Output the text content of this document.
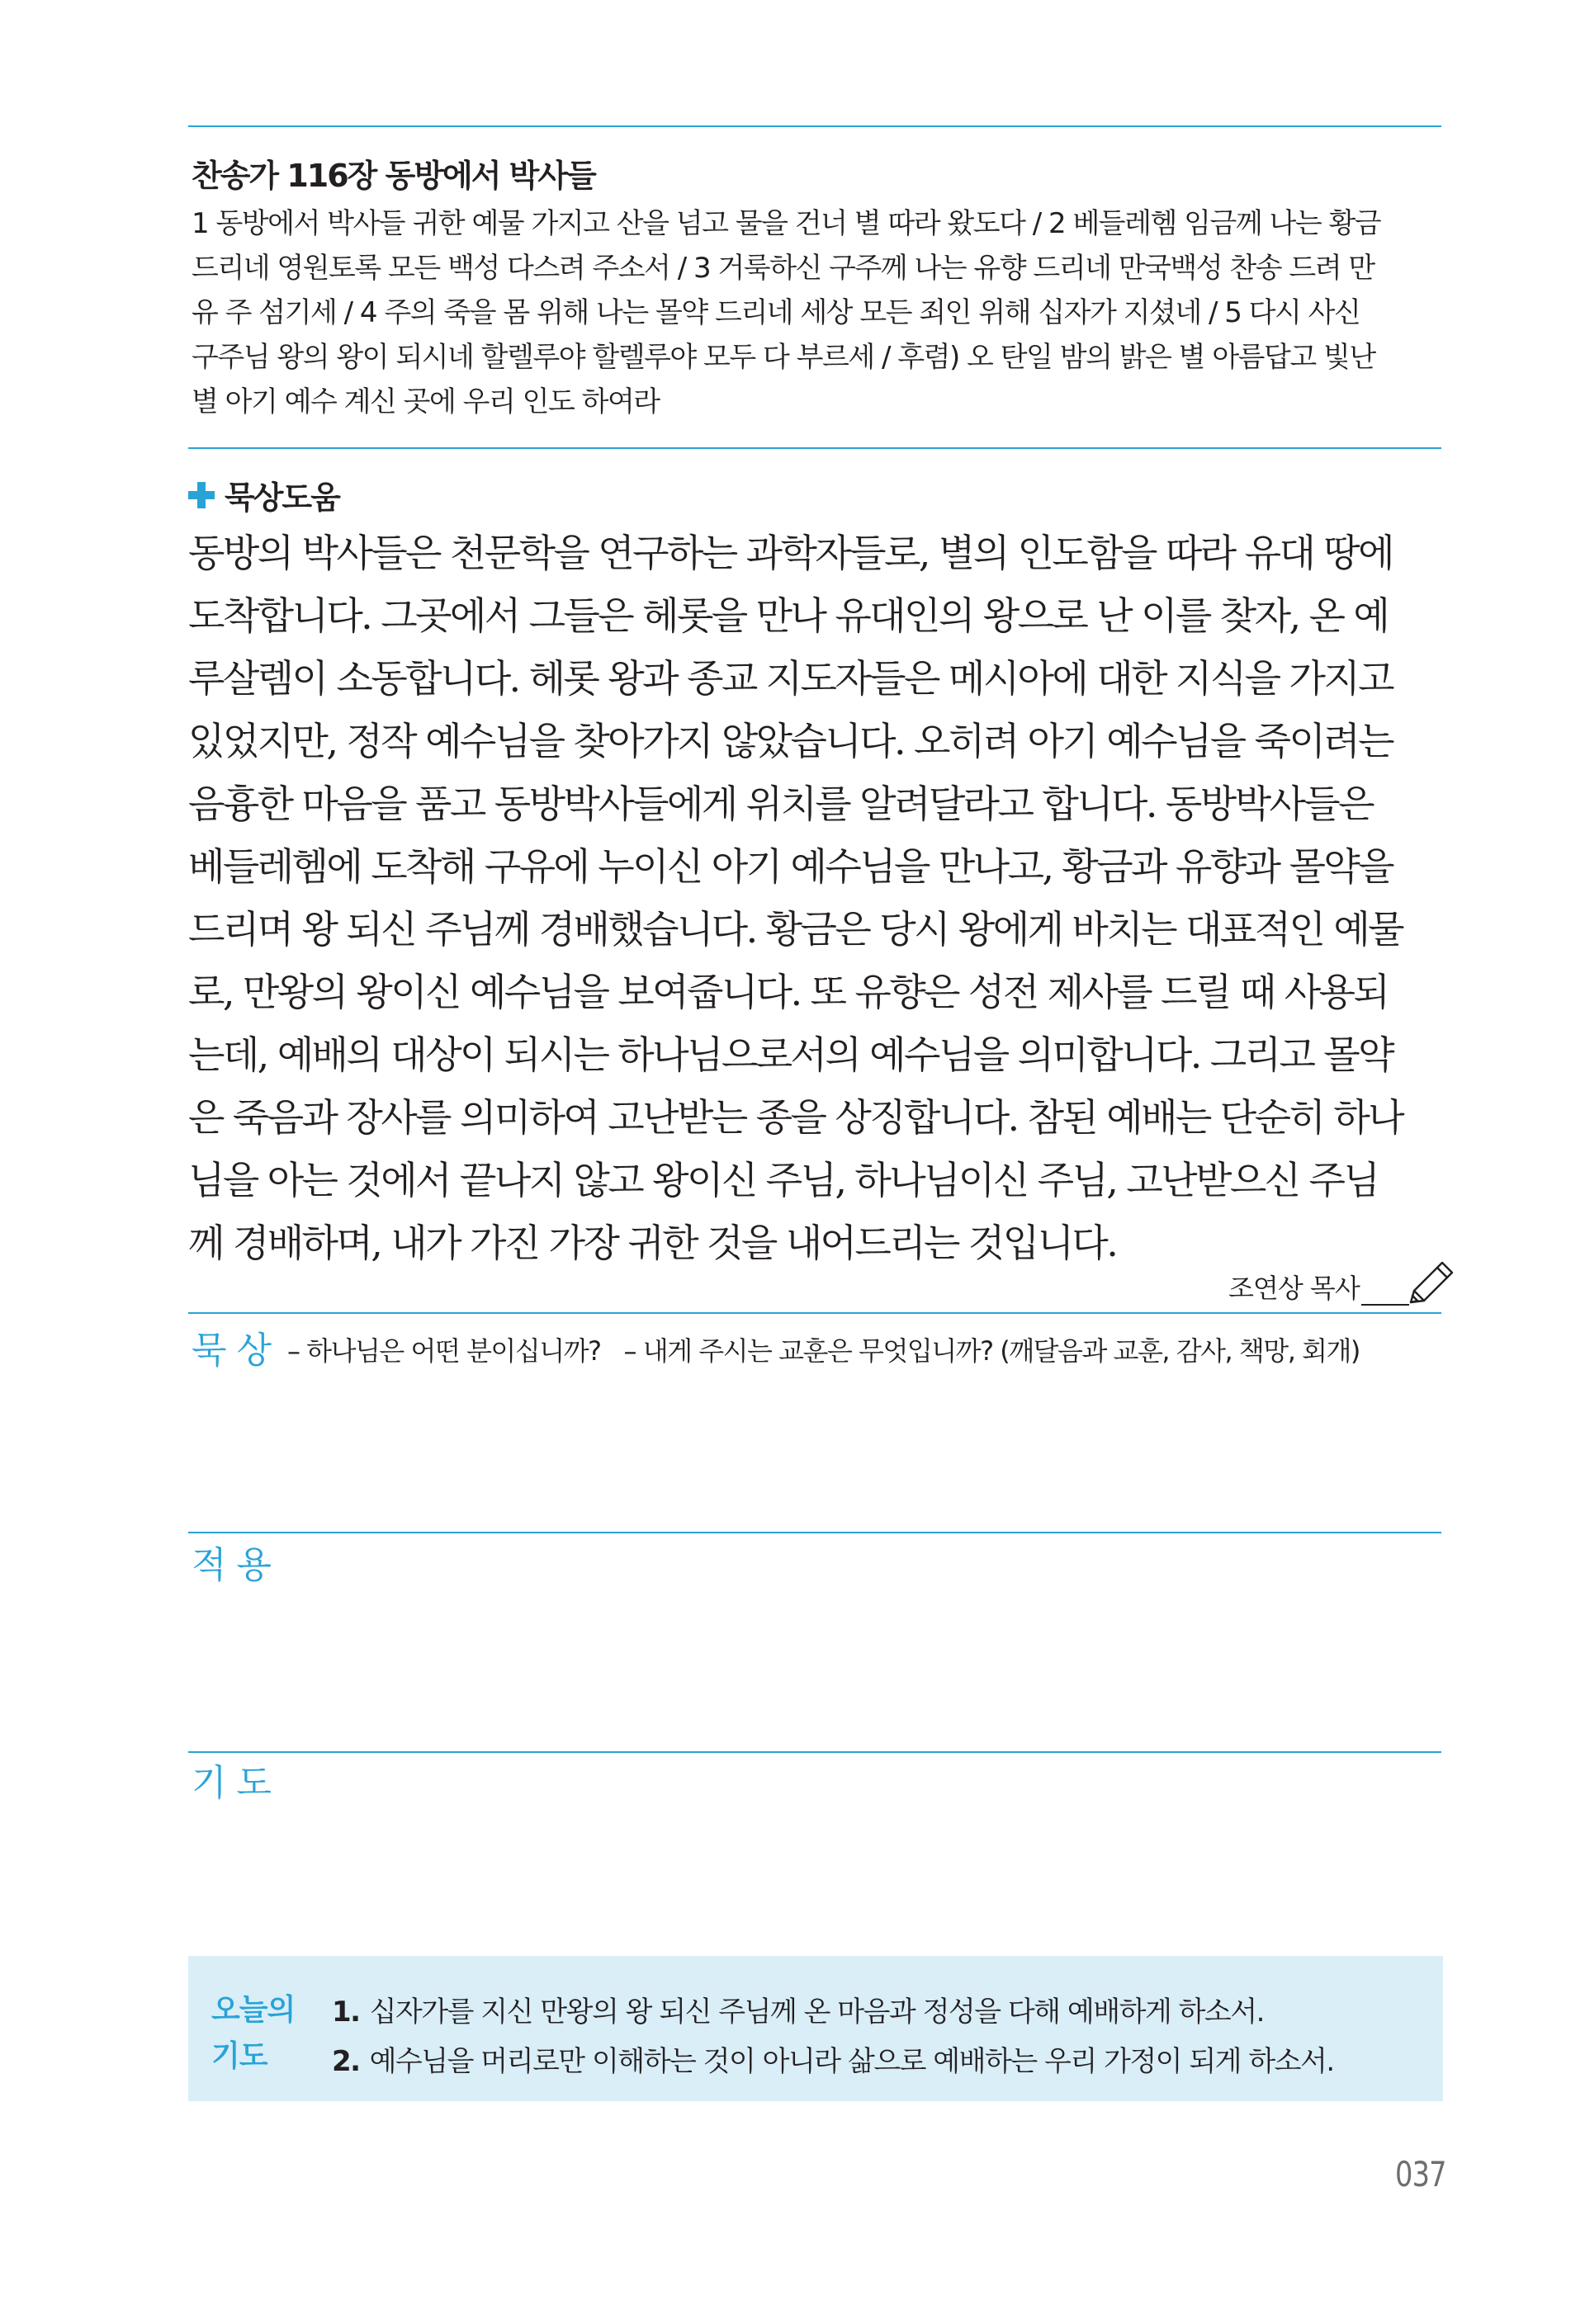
찬송가 116장 동방에서 박사들
1 동방에서 박사들 귀한 예물 가지고 산을 넘고 물을 건너 별 따라 왔도다 / 2 베들레헴 임금께 나는 황금
드리네 영원토록 모든 백성 다스려 주소서 / 3 거룩하신 구주께 나는 유향 드리네 만국백성 찬송 드려 만
유 주 섬기세 / 4 주의 죽을 몸 위해 나는 몰약 드리네 세상 모든 죄인 위해 십자가 지셨네 / 5 다시 사신
구주님 왕의 왕이 되시네 할렐루야 할렐루야 모두 다 부르세 / 후렴) 오 탄일 밤의 밝은 별 아름답고 빛난
별 아기 예수 계신 곳에 우리 인도 하여라
묵상도움
동방의 박사들은 천문학을 연구하는 과학자들로, 별의 인도함을 따라 유대 땅에
도착합니다. 그곳에서 그들은 헤롯을 만나 유대인의 왕으로 난 이를 찾자, 온 예
루살렘이 소동합니다. 헤롯 왕과 종교 지도자들은 메시아에 대한 지식을 가지고
있었지만, 정작 예수님을 찾아가지 않았습니다. 오히려 아기 예수님을 죽이려는
음흉한 마음을 품고 동방박사들에게 위치를 알려달라고 합니다. 동방박사들은
베들레헴에 도착해 구유에 누이신 아기 예수님을 만나고, 황금과 유향과 몰약을
드리며 왕 되신 주님께 경배했습니다. 황금은 당시 왕에게 바치는 대표적인 예물
로, 만왕의 왕이신 예수님을 보여줍니다. 또 유향은 성전 제사를 드릴 때 사용되
는데, 예배의 대상이 되시는 하나님으로서의 예수님을 의미합니다. 그리고 몰약
은 죽음과 장사를 의미하여 고난받는 종을 상징합니다. 참된 예배는 단순히 하나
님을 아는 것에서 끝나지 않고 왕이신 주님, 하나님이신 주님, 고난받으신 주님
께 경배하며, 내가 가진 가장 귀한 것을 내어드리는 것입니다.
조연상 목사
묵상 – 하나님은 어떤 분이십니까? – 내게 주시는 교훈은 무엇입니까? (깨달음과 교훈, 감사, 책망, 회개)
적용
기도
오늘의
기도
1. 십자가를 지신 만왕의 왕 되신 주님께 온 마음과 정성을 다해 예배하게 하소서.
2. 예수님을 머리로만 이해하는 것이 아니라 삶으로 예배하는 우리 가정이 되게 하소서.
037
